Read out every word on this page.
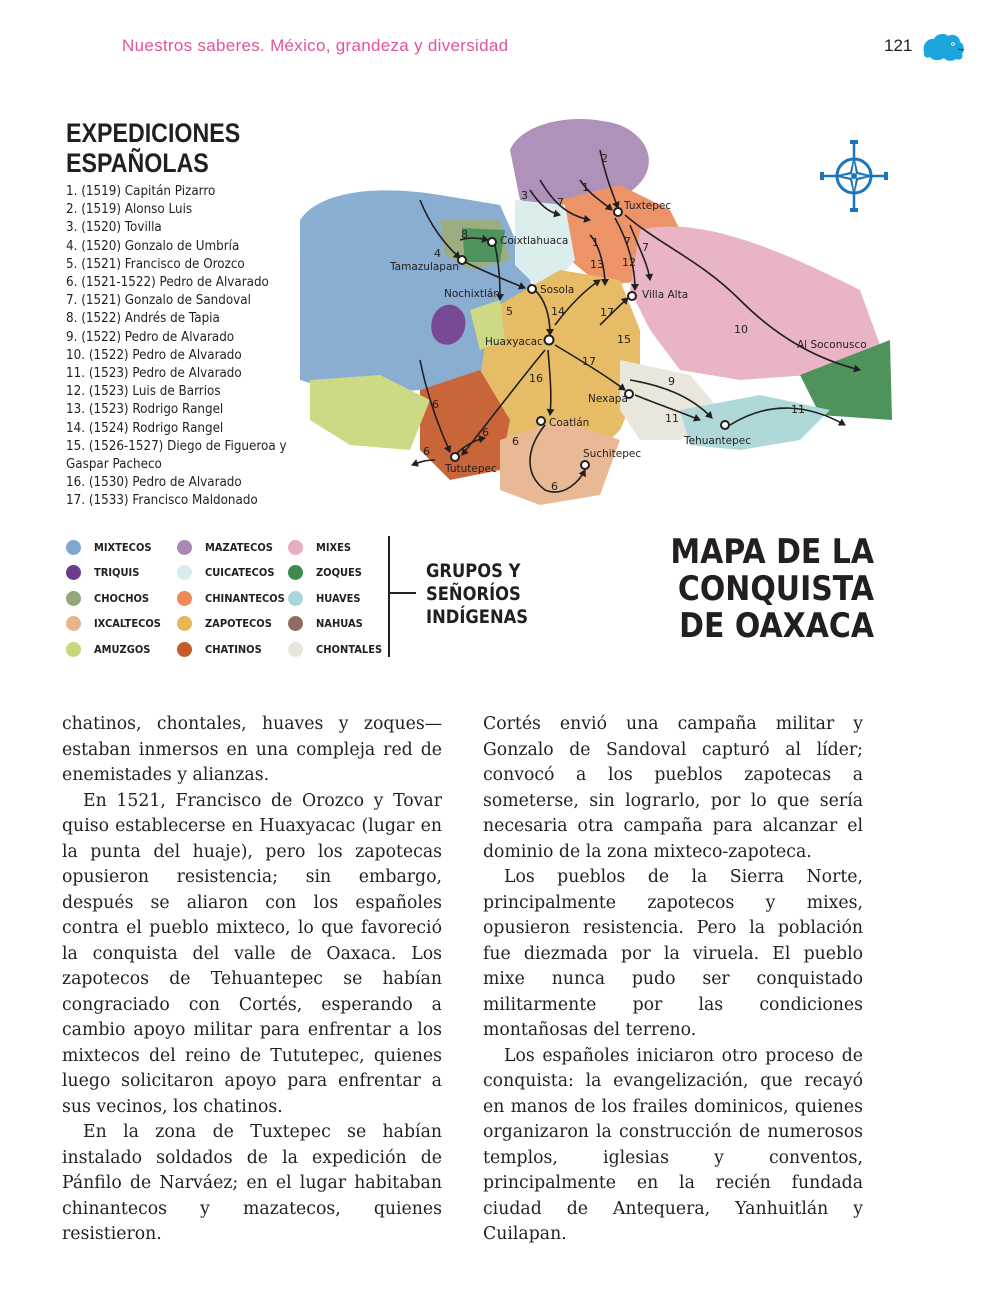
Nuestros saberes. México, grandeza y diversidad	121
EXPEDICIONES
ESPAÑOLAS
1. (1519) Capitán Pizarro
2. (1519) Alonso Luis
3. (1520) Tovilla
4. (1520) Gonzalo de Umbría
5. (1521) Francisco de Orozco
6. (1521-1522) Pedro de Alvarado
7. (1521) Gonzalo de Sandoval
8. (1522) Andrés de Tapia
9. (1522) Pedro de Alvarado
10. (1522) Pedro de Alvarado
11. (1523) Pedro de Alvarado
12. (1523) Luis de Barrios
13. (1523) Rodrigo Rangel
14. (1524) Rodrigo Rangel
15. (1526-1527) Diego de Figueroa y Gaspar Pacheco
16. (1530) Pedro de Alvarado
17. (1533) Francisco Maldonado
Tuxtepec
Coixtlahuaca
Tamazulapan
Nochixtlán	Sosola	Villa Alta
Huaxyacac	Al Soconusco
Nexapa
Tehuantepec
Coatlán
Suchitepec
Tututepec
2
1
3
7
1 7 7
8
4
13 12
5	14	17
15
10
17
16	9
11
11
6
6
6
6
6
MIXTECOS
TRIQUIS
CHOCHOS
IXCALTECOS
AMUZGOS
MAZATECOS
CUICATECOS
CHINANTECOS
ZAPOTECOS
CHATINOS
MIXES
ZOQUES
HUAVES
NAHUAS
CHONTALES
GRUPOS Y
SEÑORÍOS
INDÍGENAS
MAPA DE LA
CONQUISTA
DE OAXACA

chatinos, chontales, huaves y zoques— estaban inmersos en una compleja red de enemistades y alianzas.

En 1521, Francisco de Orozco y Tovar quiso establecerse en Huaxyacac (lugar en la punta del huaje), pero los zapotecas opusieron resistencia; sin embargo, después se aliaron con los españoles contra el pueblo mixteco, lo que favoreció la conquista del valle de Oaxaca. Los zapotecos de Tehuantepec se habían congraciado con Cortés, esperando a cambio apoyo militar para enfrentar a los mixtecos del reino de Tututepec, quienes luego solicitaron apoyo para enfrentar a sus vecinos, los chatinos.

En la zona de Tuxtepec se habían instalado soldados de la expedición de Pánfilo de Narváez; en el lugar habitaban chinantecos y mazatecos, quienes resistieron.

Cortés envió una campaña militar y Gonzalo de Sandoval capturó al líder; convocó a los pueblos zapotecas a someterse, sin lograrlo, por lo que sería necesaria otra campaña para alcanzar el dominio de la zona mixteco-zapoteca.

Los pueblos de la Sierra Norte, principalmente zapotecos y mixes, opusieron resistencia. Pero la población fue diezmada por la viruela. El pueblo mixe nunca pudo ser conquistado militarmente por las condiciones montañosas del terreno.

Los españoles iniciaron otro proceso de conquista: la evangelización, que recayó en manos de los frailes dominicos, quienes organizaron la construcción de numerosos templos, iglesias y conventos, principalmente en la recién fundada ciudad de Antequera, Yanhuitlán y Cuilapan.
